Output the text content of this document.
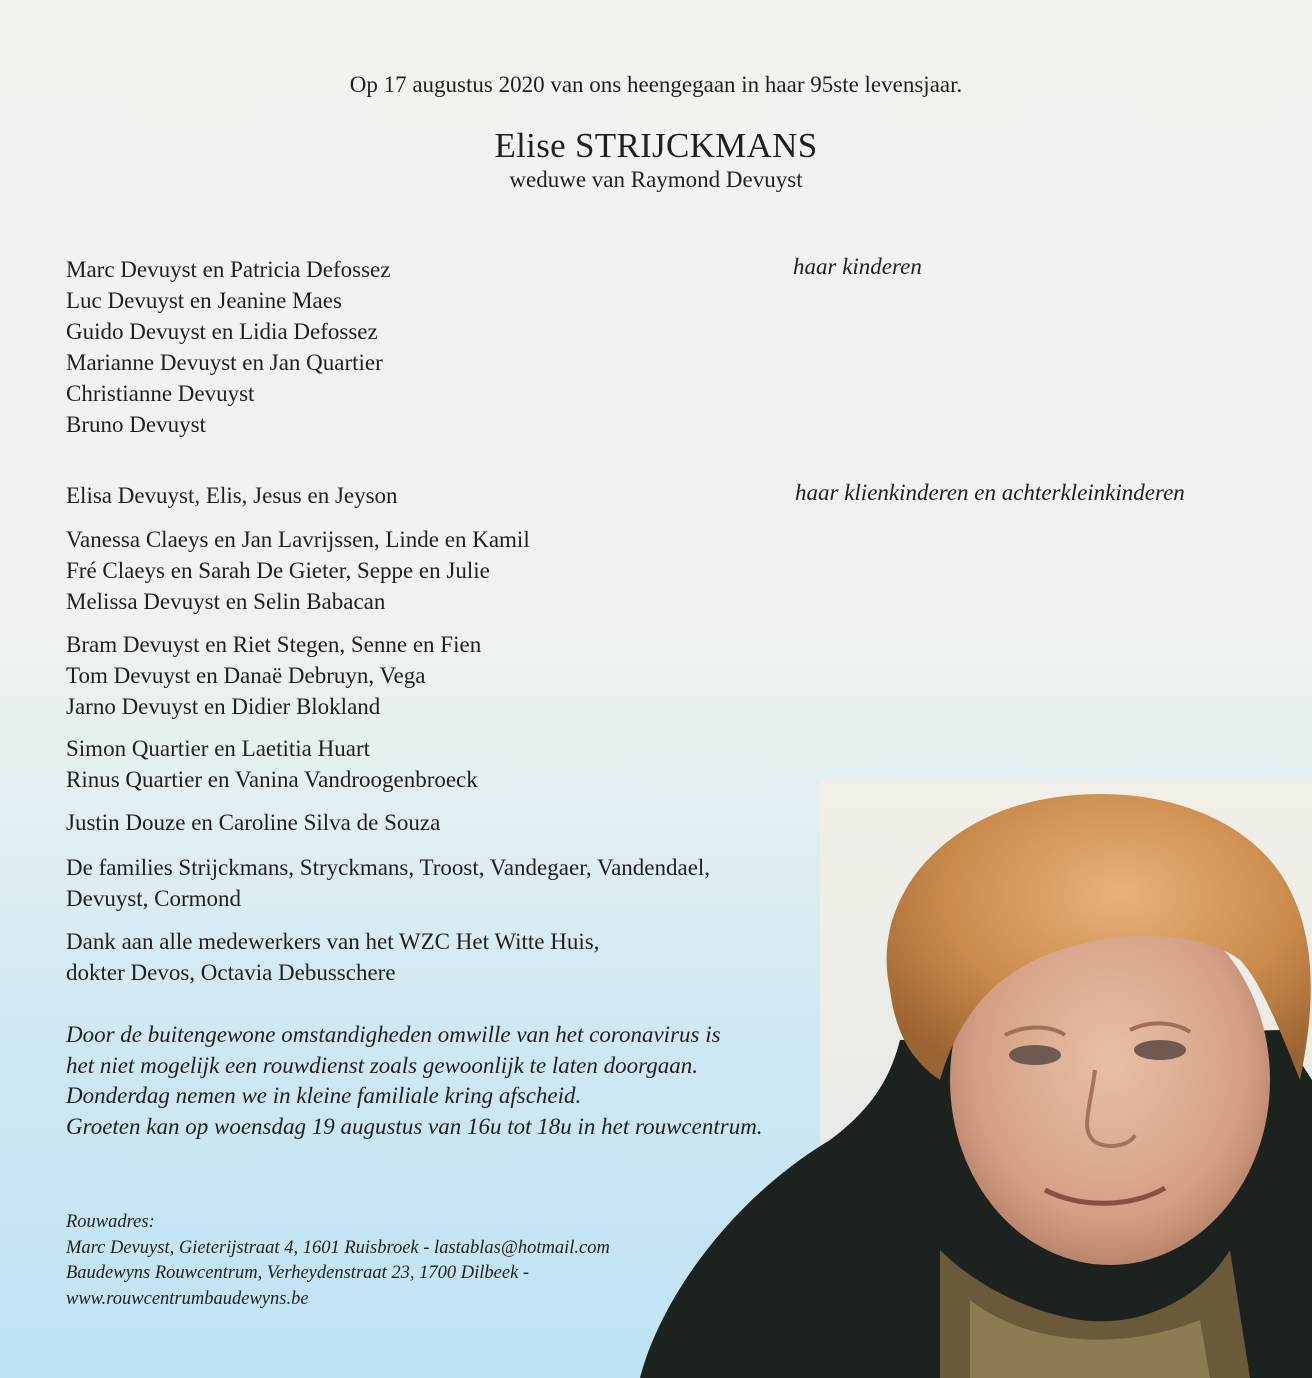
Op 17 augustus 2020 van ons heengegaan in haar 95ste levensjaar.
Elise STRIJCKMANS
weduwe van Raymond Devuyst
Marc Devuyst en Patricia Defossez
Luc Devuyst en Jeanine Maes
Guido Devuyst en Lidia Defossez
Marianne Devuyst en Jan Quartier
Christianne Devuyst
Bruno Devuyst
haar kinderen
haar klienkinderen en achterkleinkinderen
Elisa Devuyst, Elis, Jesus en Jeyson
Vanessa Claeys en Jan Lavrijssen, Linde en Kamil
Fré Claeys en Sarah De Gieter, Seppe en Julie
Melissa Devuyst en Selin Babacan
Bram Devuyst en Riet Stegen, Senne en Fien
Tom Devuyst en Danaë Debruyn, Vega
Jarno Devuyst en Didier Blokland
Simon Quartier en Laetitia Huart
Rinus Quartier en Vanina Vandroogenbroeck
Justin Douze en Caroline Silva de Souza
De families Strijckmans, Stryckmans, Troost, Vandegaer, Vandendael,
Devuyst, Cormond
Dank aan alle medewerkers van het WZC Het Witte Huis,
dokter Devos, Octavia Debusschere
Door de buitengewone omstandigheden omwille van het coronavirus is
het niet mogelijk een rouwdienst zoals gewoonlijk te laten doorgaan.
Donderdag nemen we in kleine familiale kring afscheid.
Groeten kan op woensdag 19 augustus van 16u tot 18u in het rouwcentrum.
Rouwadres:
Marc Devuyst, Gieterijstraat 4, 1601 Ruisbroek - lastablas@hotmail.com
Baudewyns Rouwcentrum, Verheydenstraat 23, 1700 Dilbeek -
www.rouwcentrumbaudewyns.be
